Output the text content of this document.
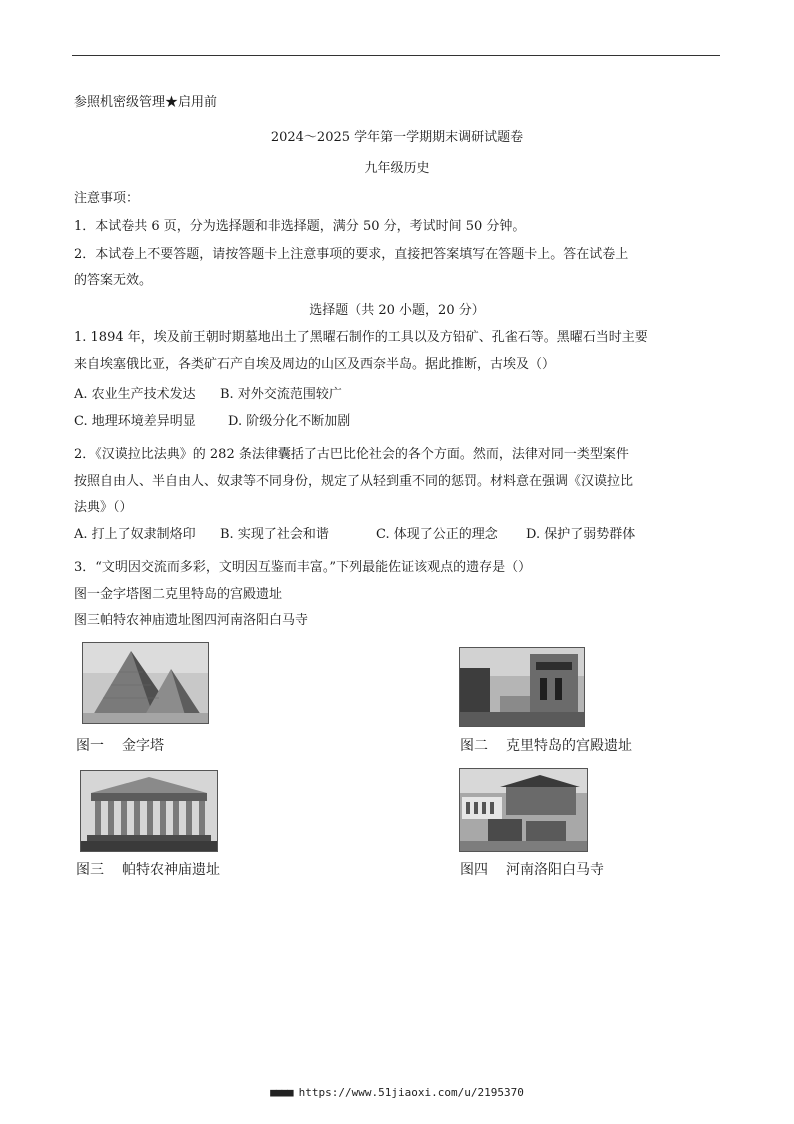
参照机密级管理★启用前
2024～2025 学年第一学期期末调研试题卷
九年级历史
注意事项：
1．本试卷共 6 页，分为选择题和非选择题，满分 50 分，考试时间 50 分钟。
2．本试卷上不要答题，请按答题卡上注意事项的要求，直接把答案填写在答题卡上。答在试卷上
的答案无效。
选择题（共 20 小题，20 分）
1. 1894 年，埃及前王朝时期墓地出土了黑曜石制作的工具以及方铅矿、孔雀石等。黑曜石当时主要
来自埃塞俄比亚，各类矿石产自埃及周边的山区及西奈半岛。据此推断，古埃及（）
A. 农业生产技术发达 B. 对外交流范围较广
C. 地理环境差异明显 D. 阶级分化不断加剧
2．《汉谟拉比法典》的 282 条法律囊括了古巴比伦社会的各个方面。然而，法律对同一类型案件
按照自由人、半自由人、奴隶等不同身份，规定了从轻到重不同的惩罚。材料意在强调《汉谟拉比
法典》（）
A. 打上了奴隶制烙印 B. 实现了社会和谐	C. 体现了公正的理念 D. 保护了弱势群体
3．“文明因交流而多彩，文明因互鉴而丰富。”下列最能佐证该观点的遗存是（）
图一金字塔图二克里特岛的宫殿遗址
图三帕特农神庙遗址图四河南洛阳白马寺
图一 金字塔	图二 克里特岛的宫殿遗址
图三 帕特农神庙遗址	图四 河南洛阳白马寺
■■■■ https://www.51jiaoxi.com/u/2195370
